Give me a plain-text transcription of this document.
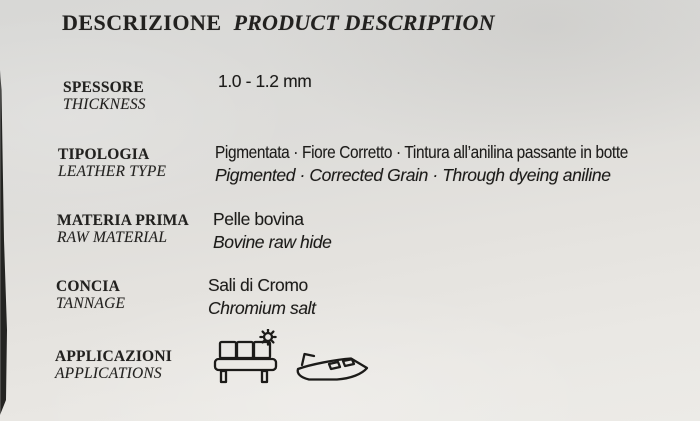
DESCRIZIONE PRODUCT DESCRIPTION
SPESSORE
THICKNESS
1.0 - 1.2 mm
TIPOLOGIA
LEATHER TYPE
Pigmentata · Fiore Corretto · Tintura all’anilina passante in botte
Pigmented · Corrected Grain · Through dyeing aniline
MATERIA PRIMA
RAW MATERIAL
Pelle bovina
Bovine raw hide
CONCIA
TANNAGE
Sali di Cromo
Chromium salt
APPLICAZIONI
APPLICATIONS
